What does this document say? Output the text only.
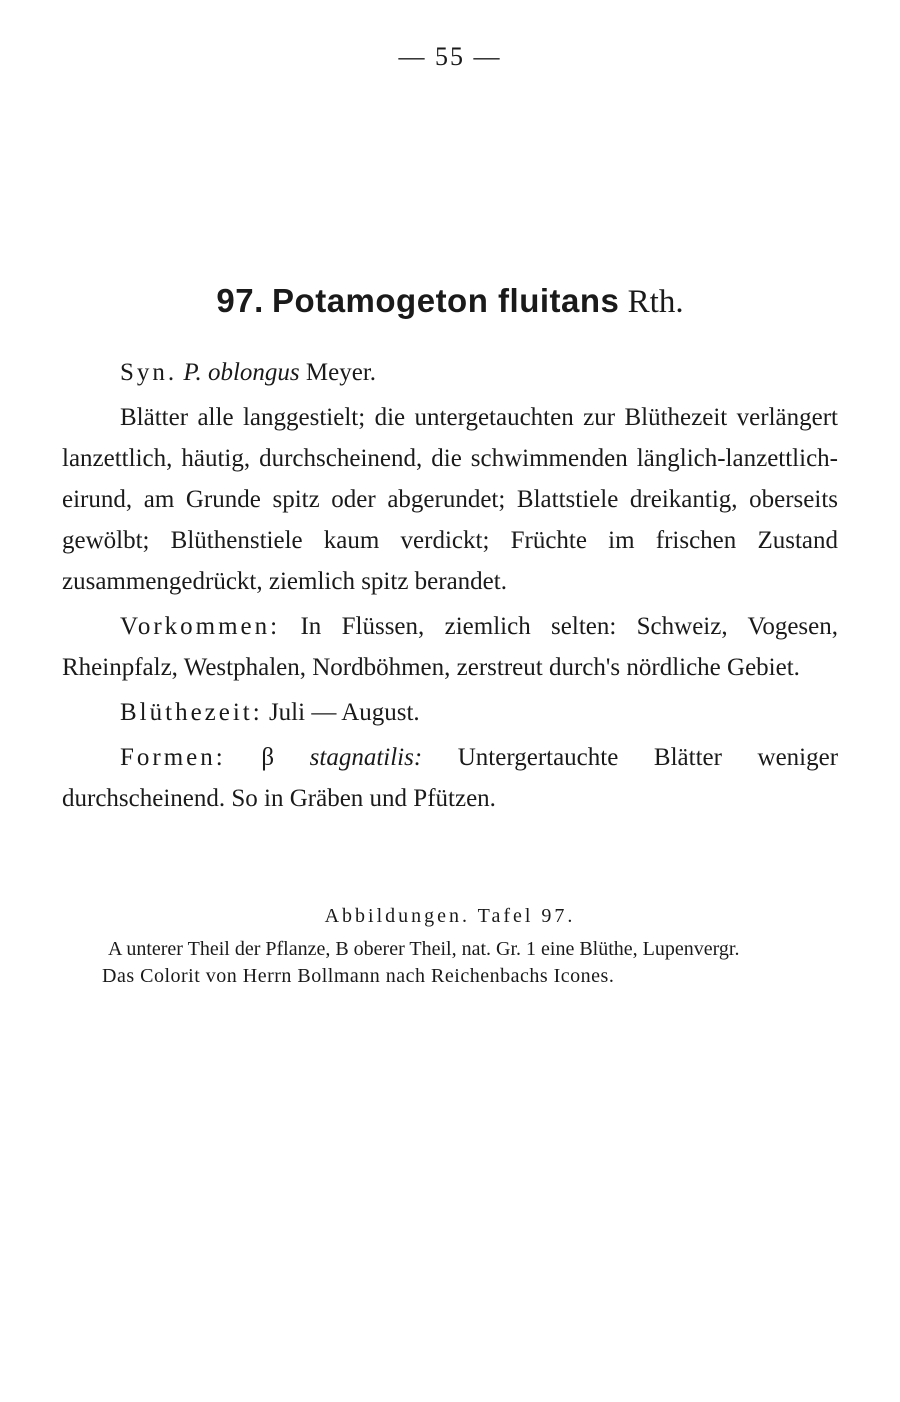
— 55 —
97. Potamogeton fluitans Rth.

Syn. P. oblongus Meyer.

Blätter alle langgestielt; die untergetauchten zur Blüthezeit verlängert lanzettlich, häutig, durchscheinend, die schwimmenden länglich-lanzettlich-eirund, am Grunde spitz oder abgerundet; Blattstiele dreikantig, oberseits gewölbt; Blüthenstiele kaum verdickt; Früchte im frischen Zustand zusammengedrückt, ziemlich spitz berandet.

Vorkommen: In Flüssen, ziemlich selten: Schweiz, Vogesen, Rheinpfalz, Westphalen, Nordböhmen, zerstreut durch's nördliche Gebiet.

Blüthezeit: Juli — August.

Formen: β stagnatilis: Untergertauchte Blätter weniger durchscheinend. So in Gräben und Pfützen.

Abbildungen. Tafel 97.
A unterer Theil der Pflanze, B oberer Theil, nat. Gr. 1 eine Blüthe, Lupenvergr.
Das Colorit von Herrn Bollmann nach Reichenbachs Icones.
